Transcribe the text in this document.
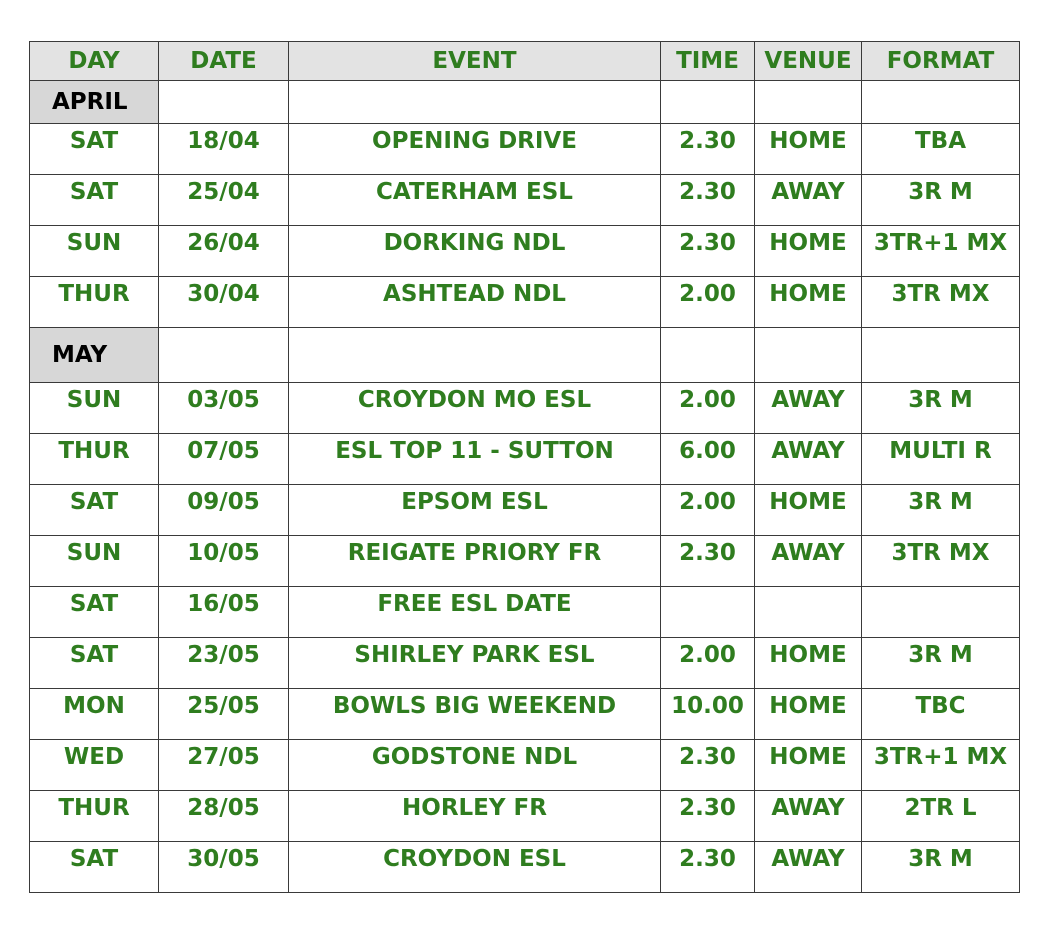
DAY	DATE	EVENT	TIME	VENUE	FORMAT
APRIL					
SAT	18/04	OPENING DRIVE	2.30	HOME	TBA
SAT	25/04	CATERHAM ESL	2.30	AWAY	3R M
SUN	26/04	DORKING NDL	2.30	HOME	3TR+1 MX
THUR	30/04	ASHTEAD NDL	2.00	HOME	3TR MX
MAY					
SUN	03/05	CROYDON MO ESL	2.00	AWAY	3R M
THUR	07/05	ESL TOP 11 - SUTTON	6.00	AWAY	MULTI R
SAT	09/05	EPSOM ESL	2.00	HOME	3R M
SUN	10/05	REIGATE PRIORY FR	2.30	AWAY	3TR MX
SAT	16/05	FREE ESL DATE			
SAT	23/05	SHIRLEY PARK ESL	2.00	HOME	3R M
MON	25/05	BOWLS BIG WEEKEND	10.00	HOME	TBC
WED	27/05	GODSTONE NDL	2.30	HOME	3TR+1 MX
THUR	28/05	HORLEY FR	2.30	AWAY	2TR L
SAT	30/05	CROYDON ESL	2.30	AWAY	3R M
